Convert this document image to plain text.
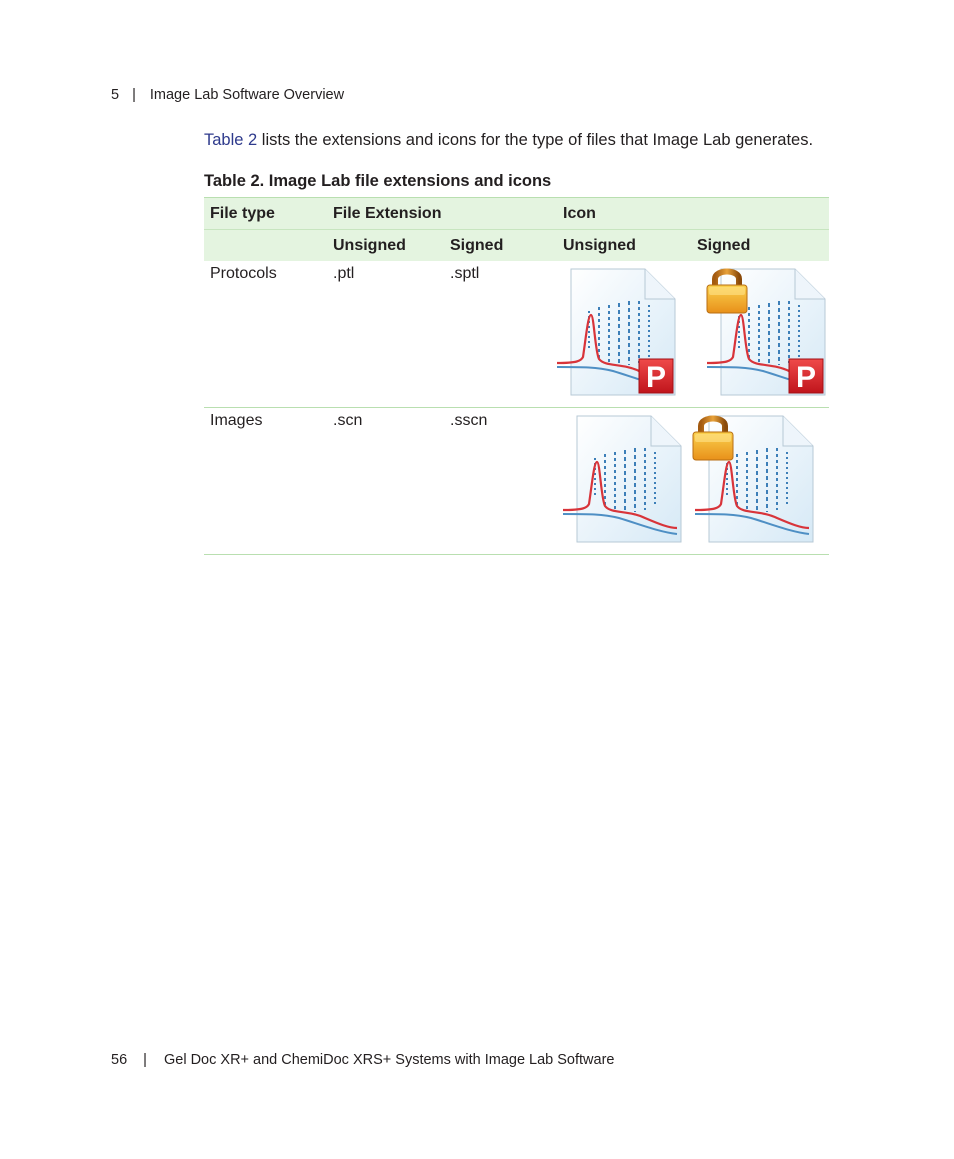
5 | Image Lab Software Overview
Table 2 lists the extensions and icons for the type of files that Image Lab generates.
Table 2. Image Lab file extensions and icons
File type	File Extension		Icon	
	Unsigned	Signed	Unsigned	Signed
Protocols	.ptl	.sptl	P	P

Images	.scn	.sscn	

56 | Gel Doc XR+ and ChemiDoc XRS+ Systems with Image Lab Software
